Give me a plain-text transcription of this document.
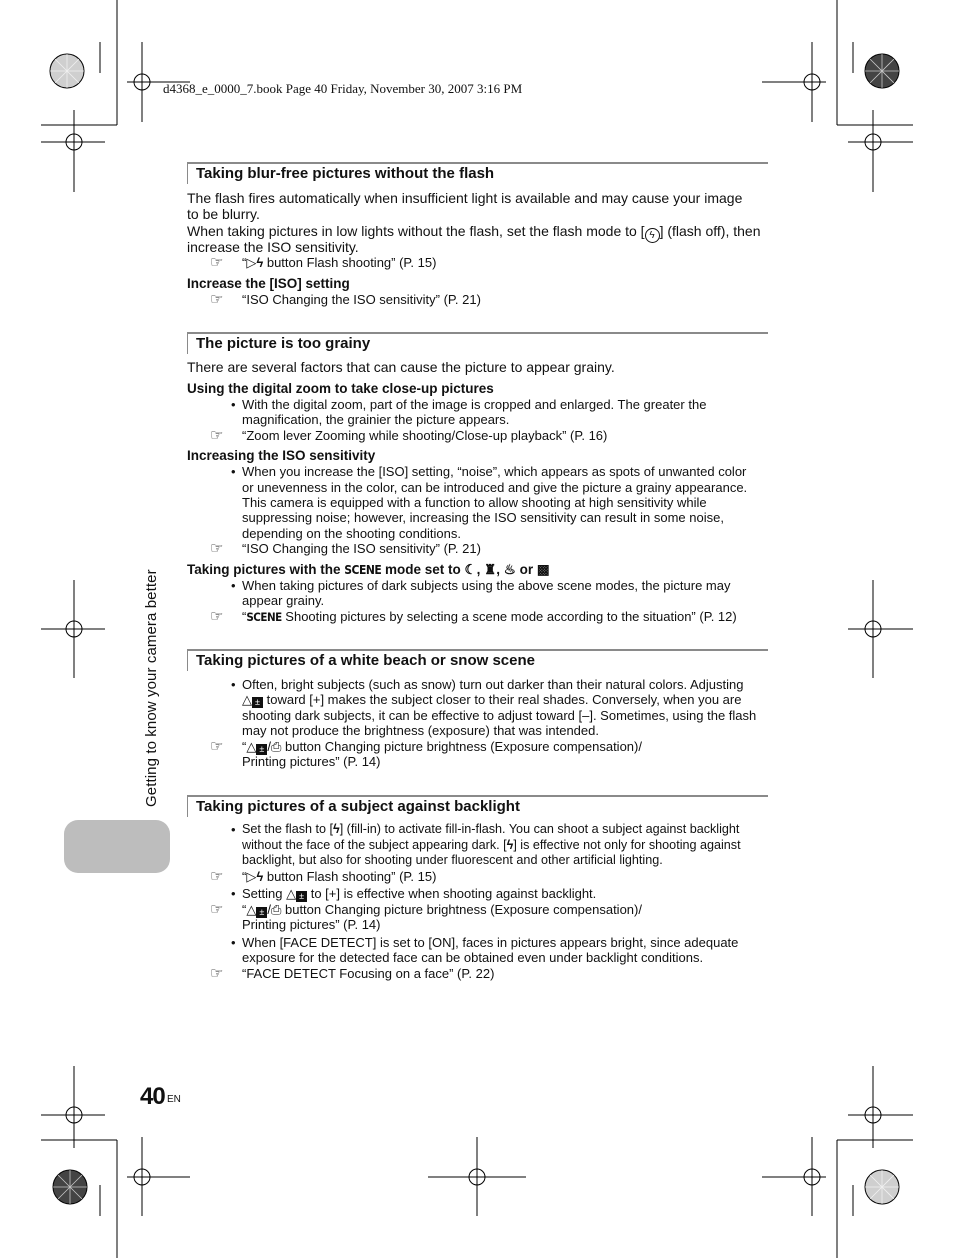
d4368_e_0000_7.book Page 40 Friday, November 30, 2007 3:16 PM
Getting to know your camera better
Taking blur-free pictures without the flash
The flash fires automatically when insufficient light is available and may cause your image
to be blurry.
When taking pictures in low lights without the flash, set the flash mode to [ ϟ ] (flash off), then
increase the ISO sensitivity.
☞ “▷ϟ button Flash shooting” (P. 15)
Increase the [ISO] setting
☞ “ISO Changing the ISO sensitivity” (P. 21)
The picture is too grainy
There are several factors that can cause the picture to appear grainy.
Using the digital zoom to take close-up pictures
• With the digital zoom, part of the image is cropped and enlarged. The greater the
magnification, the grainier the picture appears.
☞ “Zoom lever Zooming while shooting/Close-up playback” (P. 16)
Increasing the ISO sensitivity
• When you increase the [ISO] setting, “noise”, which appears as spots of unwanted color
or unevenness in the color, can be introduced and give the picture a grainy appearance.
This camera is equipped with a function to allow shooting at high sensitivity while
suppressing noise; however, increasing the ISO sensitivity can result in some noise,
depending on the shooting conditions.
☞ “ISO Changing the ISO sensitivity” (P. 21)
Taking pictures with the SCENE mode set to ☾, ♜, ♨ or ▩
• When taking pictures of dark subjects using the above scene modes, the picture may
appear grainy.
☞ “SCENE Shooting pictures by selecting a scene mode according to the situation” (P. 12)
Taking pictures of a white beach or snow scene
• Often, bright subjects (such as snow) turn out darker than their natural colors. Adjusting
△ ± toward [+] makes the subject closer to their real shades. Conversely, when you are
shooting dark subjects, it can be effective to adjust toward [–]. Sometimes, using the flash
may not produce the brightness (exposure) that was intended.
☞ “△ ± /⎙ button Changing picture brightness (Exposure compensation)/
Printing pictures” (P. 14)
Taking pictures of a subject against backlight
• Set the flash to [ϟ] (fill-in) to activate fill-in-flash. You can shoot a subject against backlight
without the face of the subject appearing dark. [ϟ] is effective not only for shooting against
backlight, but also for shooting under fluorescent and other artificial lighting.
☞ “▷ϟ button Flash shooting” (P. 15)
• Setting △ ± to [+] is effective when shooting against backlight.
☞ “△ ± /⎙ button Changing picture brightness (Exposure compensation)/
Printing pictures” (P. 14)
• When [FACE DETECT] is set to [ON], faces in pictures appears bright, since adequate
exposure for the detected face can be obtained even under backlight conditions.
☞ “FACE DETECT Focusing on a face” (P. 22)
40 EN
